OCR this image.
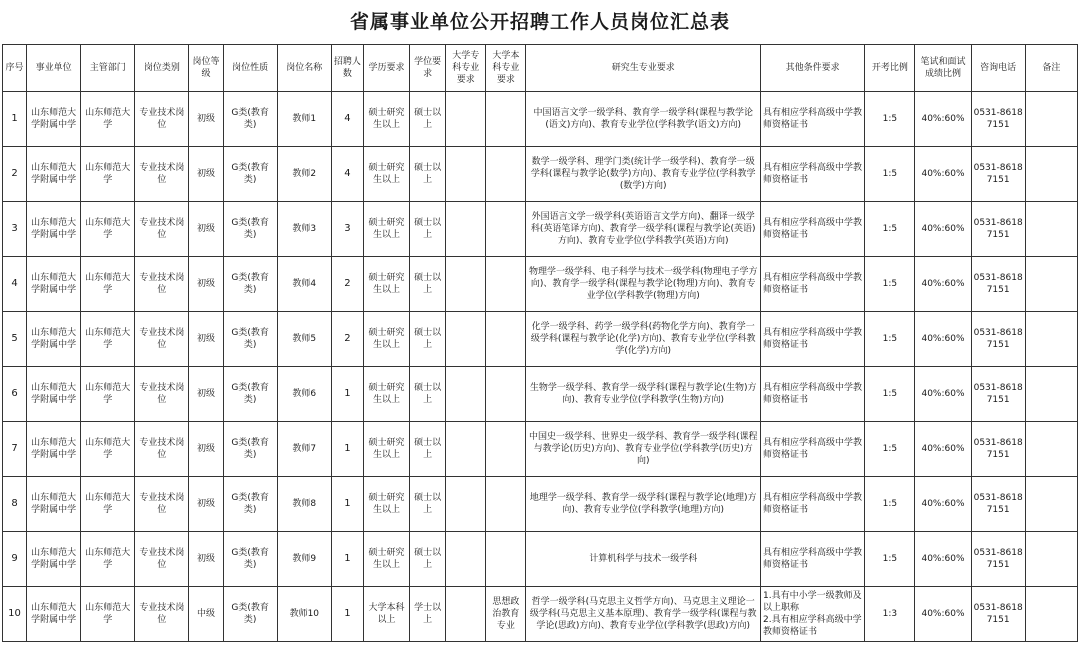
省属事业单位公开招聘工作人员岗位汇总表
序号	事业单位	主管部门	岗位类别	岗位等级	岗位性质	岗位名称	招聘人数	学历要求	学位要求	大学专科专业要求	大学本科专业要求	研究生专业要求	其他条件要求	开考比例	笔试和面试成绩比例	咨询电话	备注
1	山东师范大学附属中学	山东师范大学	专业技术岗位	初级	G类(教育类)	教师1	4	硕士研究生以上	硕士以上			中国语言文学一级学科、教育学一级学科(课程与教学论(语文)方向)、教育专业学位(学科教学(语文)方向)	具有相应学科高级中学教师资格证书	1:5	40%:60%	0531-86187151	
2	山东师范大学附属中学	山东师范大学	专业技术岗位	初级	G类(教育类)	教师2	4	硕士研究生以上	硕士以上			数学一级学科、理学门类(统计学一级学科)、教育学一级学科(课程与教学论(数学)方向)、教育专业学位(学科教学(数学)方向)	具有相应学科高级中学教师资格证书	1:5	40%:60%	0531-86187151	
3	山东师范大学附属中学	山东师范大学	专业技术岗位	初级	G类(教育类)	教师3	3	硕士研究生以上	硕士以上			外国语言文学一级学科(英语语言文学方向)、翻译一级学科(英语笔译方向)、教育学一级学科(课程与教学论(英语)方向)、教育专业学位(学科教学(英语)方向)	具有相应学科高级中学教师资格证书	1:5	40%:60%	0531-86187151	
4	山东师范大学附属中学	山东师范大学	专业技术岗位	初级	G类(教育类)	教师4	2	硕士研究生以上	硕士以上			物理学一级学科、电子科学与技术一级学科(物理电子学方向)、教育学一级学科(课程与教学论(物理)方向)、教育专业学位(学科教学(物理)方向)	具有相应学科高级中学教师资格证书	1:5	40%:60%	0531-86187151	
5	山东师范大学附属中学	山东师范大学	专业技术岗位	初级	G类(教育类)	教师5	2	硕士研究生以上	硕士以上			化学一级学科、药学一级学科(药物化学方向)、教育学一级学科(课程与教学论(化学)方向)、教育专业学位(学科教学(化学)方向)	具有相应学科高级中学教师资格证书	1:5	40%:60%	0531-86187151	
6	山东师范大学附属中学	山东师范大学	专业技术岗位	初级	G类(教育类)	教师6	1	硕士研究生以上	硕士以上			生物学一级学科、教育学一级学科(课程与教学论(生物)方向)、教育专业学位(学科教学(生物)方向)	具有相应学科高级中学教师资格证书	1:5	40%:60%	0531-86187151	
7	山东师范大学附属中学	山东师范大学	专业技术岗位	初级	G类(教育类)	教师7	1	硕士研究生以上	硕士以上			中国史一级学科、世界史一级学科、教育学一级学科(课程与教学论(历史)方向)、教育专业学位(学科教学(历史)方向)	具有相应学科高级中学教师资格证书	1:5	40%:60%	0531-86187151	
8	山东师范大学附属中学	山东师范大学	专业技术岗位	初级	G类(教育类)	教师8	1	硕士研究生以上	硕士以上			地理学一级学科、教育学一级学科(课程与教学论(地理)方向)、教育专业学位(学科教学(地理)方向)	具有相应学科高级中学教师资格证书	1:5	40%:60%	0531-86187151	
9	山东师范大学附属中学	山东师范大学	专业技术岗位	初级	G类(教育类)	教师9	1	硕士研究生以上	硕士以上			计算机科学与技术一级学科	具有相应学科高级中学教师资格证书	1:5	40%:60%	0531-86187151	
10	山东师范大学附属中学	山东师范大学	专业技术岗位	中级	G类(教育类)	教师10	1	大学本科以上	学士以上		思想政治教育专业	哲学一级学科(马克思主义哲学方向)、马克思主义理论一级学科(马克思主义基本原理)、教育学一级学科(课程与教学论(思政)方向)、教育专业学位(学科教学(思政)方向)	1.具有中小学一级教师及以上职称
2.具有相应学科高级中学教师资格证书	1:3	40%:60%	0531-86187151	
